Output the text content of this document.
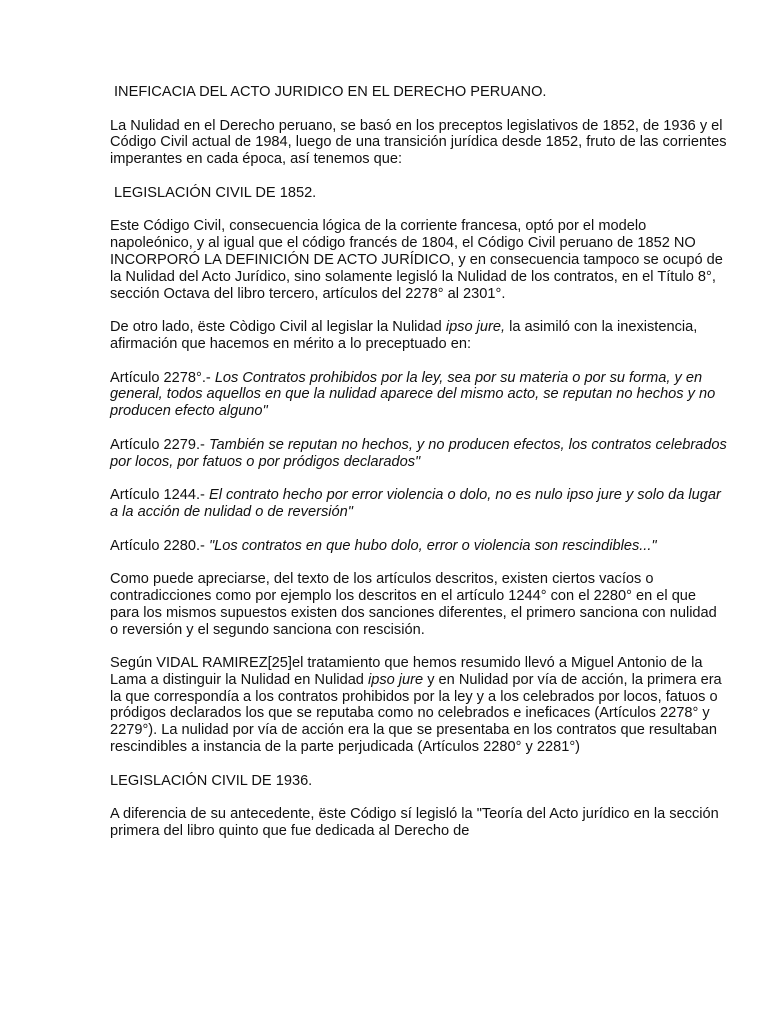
INEFICACIA DEL ACTO JURIDICO EN EL DERECHO PERUANO.

La Nulidad en el Derecho peruano, se basó en los preceptos legislativos de 1852, de 1936 y el Código Civil actual de 1984, luego de una transición jurídica desde 1852, fruto de las corrientes imperantes en cada época, así tenemos que:

LEGISLACIÓN CIVIL DE 1852.

Este Código Civil, consecuencia lógica de la corriente francesa, optó por el modelo napoleónico, y al igual que el código francés de 1804, el Código Civil peruano de 1852 NO INCORPORÓ LA DEFINICIÓN DE ACTO JURÍDICO, y en consecuencia tampoco se ocupó de la Nulidad del Acto Jurídico, sino solamente legisló la Nulidad de los contratos, en el Título 8°, sección Octava del libro tercero, artículos del 2278° al 2301°.

De otro lado, ëste Còdigo Civil al legislar la Nulidad ipso jure, la asimiló con la inexistencia, afirmación que hacemos en mérito a lo preceptuado en:

Artículo 2278°.- Los Contratos prohibidos por la ley, sea por su materia o por su forma, y en general, todos aquellos en que la nulidad aparece del mismo acto, se reputan no hechos y no producen efecto alguno"

Artículo 2279.- También se reputan no hechos, y no producen efectos, los contratos celebrados por locos, por fatuos o por pródigos declarados"

Artículo 1244.- El contrato hecho por error violencia o dolo, no es nulo ipso jure y solo da lugar a la acción de nulidad o de reversión"

Artículo 2280.- "Los contratos en que hubo dolo, error o violencia son rescindibles..."

Como puede apreciarse, del texto de los artículos descritos, existen ciertos vacíos o contradicciones como por ejemplo los descritos en el artículo 1244° con el 2280° en el que para los mismos supuestos existen dos sanciones diferentes, el primero sanciona con nulidad o reversión y el segundo sanciona con rescisión.

Según VIDAL RAMIREZ[25]el tratamiento que hemos resumido llevó a Miguel Antonio de la Lama a distinguir la Nulidad en Nulidad ipso jure y en Nulidad por vía de acción, la primera era la que correspondía a los contratos prohibidos por la ley y a los celebrados por locos, fatuos o pródigos declarados los que se reputaba como no celebrados e ineficaces (Artículos 2278° y 2279°). La nulidad por vía de acción era la que se presentaba en los contratos que resultaban rescindibles a instancia de la parte perjudicada (Artículos 2280° y 2281°)

LEGISLACIÓN CIVIL DE 1936.

A diferencia de su antecedente, ëste Código sí legisló la "Teoría del Acto jurídico en la sección primera del libro quinto que fue dedicada al Derecho de
